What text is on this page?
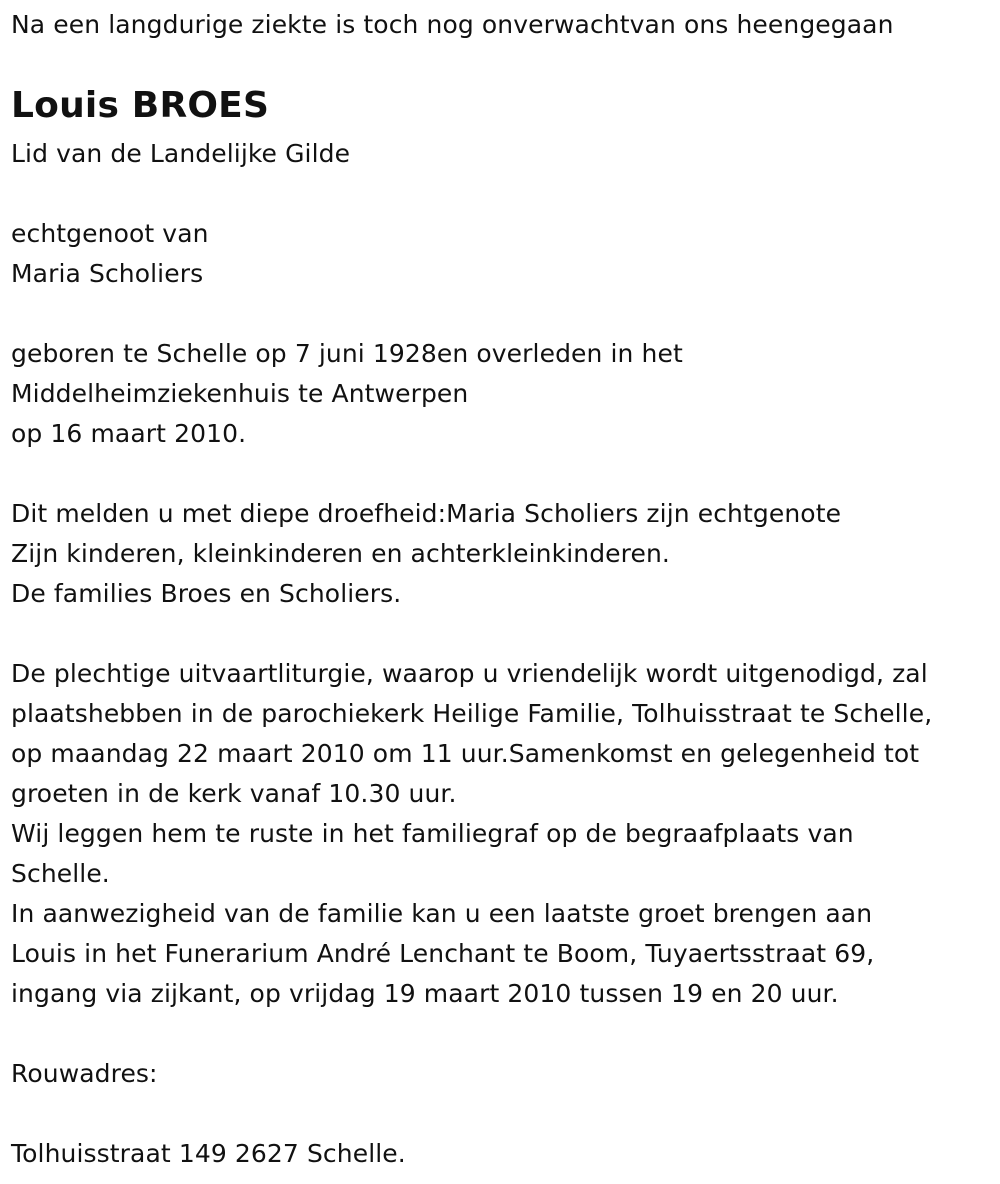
Na een langdurige ziekte is toch nog onverwachtvan ons heengegaan
Louis BROES
Lid van de Landelijke Gilde
echtgenoot van
Maria Scholiers
geboren te Schelle op 7 juni 1928en overleden in het
Middelheimziekenhuis te Antwerpen
op 16 maart 2010.
Dit melden u met diepe droefheid:Maria Scholiers zijn echtgenote
Zijn kinderen, kleinkinderen en achterkleinkinderen.
De families Broes en Scholiers.
De plechtige uitvaartliturgie, waarop u vriendelijk wordt uitgenodigd, zal
plaatshebben in de parochiekerk Heilige Familie, Tolhuisstraat te Schelle,
op maandag 22 maart 2010 om 11 uur.Samenkomst en gelegenheid tot
groeten in de kerk vanaf 10.30 uur.
Wij leggen hem te ruste in het familiegraf op de begraafplaats van
Schelle.
In aanwezigheid van de familie kan u een laatste groet brengen aan
Louis in het Funerarium André Lenchant te Boom, Tuyaertsstraat 69,
ingang via zijkant, op vrijdag 19 maart 2010 tussen 19 en 20 uur.
Rouwadres:
Tolhuisstraat 149 2627 Schelle.
